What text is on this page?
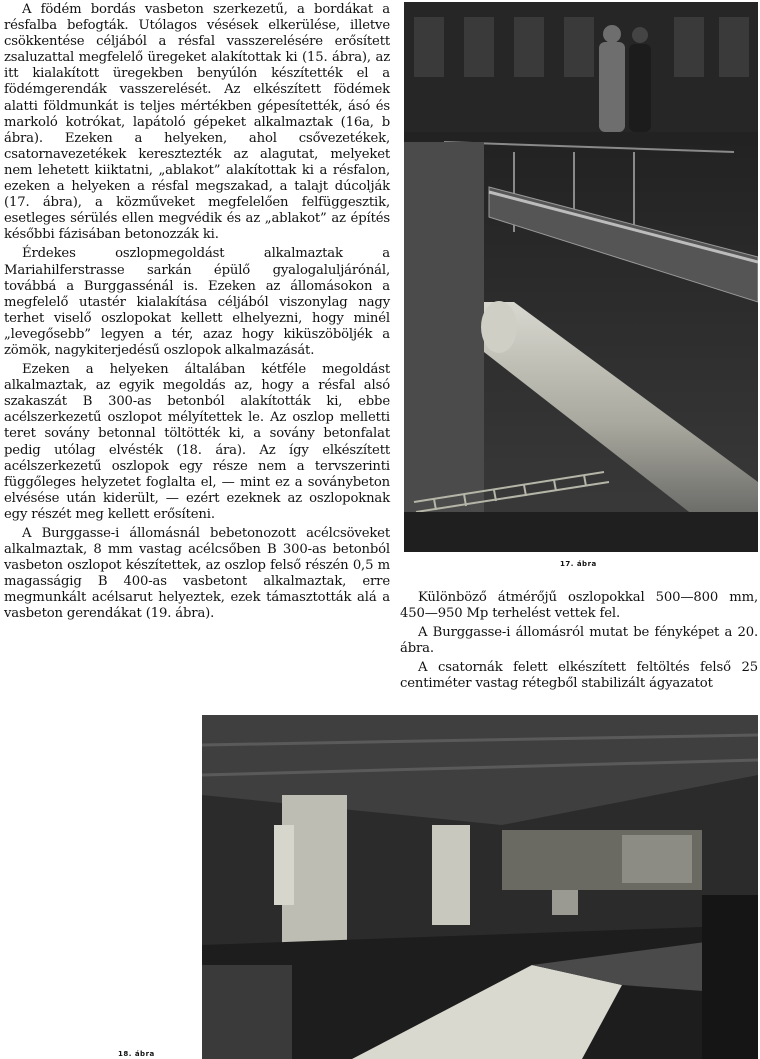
A födém bordás vasbeton szerkezetű, a bordákat a résfalba befogták. Utólagos vésések elkerülése, illetve csökkentése céljából a résfal vasszerelésére erősített zsaluzattal megfelelő üregeket alakítottak ki (15. ábra), az itt kialakított üregekben benyúlón készítették el a födémgerendák vasszerelését. Az elkészített födémek alatti földmunkát is teljes mértékben gépesítették, ásó és markoló kotrókat, lapátoló gépeket alkalmaztak (16a, b ábra). Ezeken a helyeken, ahol csővezetékek, csatornavezetékek keresztezték az alagutat, melyeket nem lehetett kiiktatni, „ablakot” alakítottak ki a résfalon, ezeken a helyeken a résfal megszakad, a talajt dúcolják (17. ábra), a közműveket megfelelően felfüggesztik, esetleges sérülés ellen megvédik és az „ablakot” az építés későbbi fázisában betonozzák ki.

Érdekes oszlopmegoldást alkalmaztak a Mariahilferstrasse sarkán épülő gyalogaluljárónál, továbbá a Burggassénál is. Ezeken az állomásokon a megfelelő utastér kialakítása céljából viszonylag nagy terhet viselő oszlopokat kellett elhelyezni, hogy minél „levegősebb” legyen a tér, azaz hogy kiküszöböljék a zömök, nagykiterjedésű oszlopok alkalmazását.

Ezeken a helyeken általában kétféle megoldást alkalmaztak, az egyik megoldás az, hogy a résfal alsó szakaszát B 300-as betonból alakították ki, ebbe acélszerkezetű oszlopot mélyítettek le. Az oszlop melletti teret sovány betonnal töltötték ki, a sovány betonfalat pedig utólag elvésték (18. ára). Az így elkészített acélszerkezetű oszlopok egy része nem a tervszerinti függőleges helyzetet foglalta el, — mint ez a soványbeton elvésése után kiderült, — ezért ezeknek az oszlopoknak egy részét meg kellett erősíteni.

A Burggasse-i állomásnál bebetonozott acélcsöveket alkalmaztak, 8 mm vastag acélcsőben B 300-as betonból vasbeton oszlopot készítettek, az oszlop felső részén 0,5 m magasságig B 400-as vasbetont alkalmaztak, erre megmunkált acélsarut helyeztek, ezek támasztották alá a vasbeton gerendákat (19. ábra).

17. ábra

Különböző átmérőjű oszlopokkal 500—800 mm, 450—950 Mp terhelést vettek fel.

A Burggasse-i állomásról mutat be fényképet a 20. ábra.

A csatornák felett elkészített feltöltés felső 25 centiméter vastag rétegből stabilizált ágyazatot

18. ábra
